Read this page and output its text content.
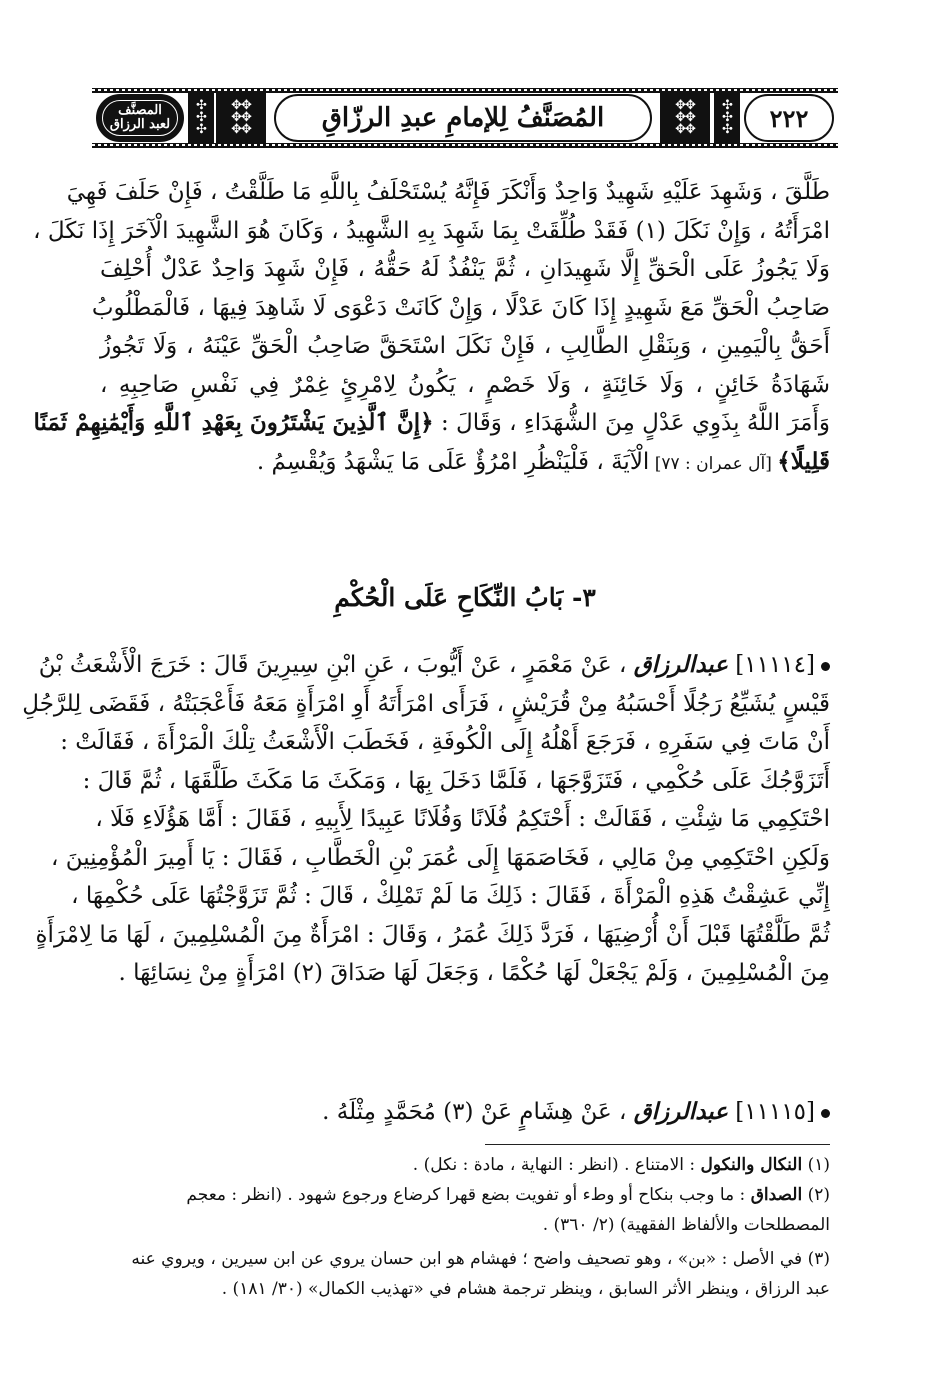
المصنَّف
لعبد الرزاق
✣
✣
✣
✥✥
✥✥
✥✥	المُصَنَّفُ لِلإمامِ عبدِ الرزّاقِ	✥✥
✥✥
✥✥
✣
✣
✣ ٢٢٢
طَلَّقَ ، وَشَهِدَ عَلَيْهِ شَهِيدٌ وَاحِدٌ وَأَنْكَرَ فَإِنَّهُ يُسْتَحْلَفُ بِاللَّهِ مَا طَلَّقْتُ ، فَإِنْ حَلَفَ فَهِيَ
امْرَأَتُهُ ، وَإِنْ نَكَلَ (١) فَقَدْ طُلِّقَتْ بِمَا شَهِدَ بِهِ الشَّهِيدُ ، وَكَانَ هُوَ الشَّهِيدَ الْآخَرَ إِذَا نَكَلَ ،
وَلَا يَجُوزُ عَلَى الْحَقِّ إِلَّا شَهِيدَانِ ، ثُمَّ يَنْفُذُ لَهُ حَقُّهُ ، فَإِنْ شَهِدَ وَاحِدٌ عَدْلٌ أُحْلِفَ
صَاحِبُ الْحَقِّ مَعَ شَهِيدٍ إِذَا كَانَ عَدْلًا ، وَإِنْ كَانَتْ دَعْوَى لَا شَاهِدَ فِيهَا ، فَالْمَطْلُوبُ
أَحَقُّ بِالْيَمِينِ ، وَبِنَقْلِ الطَّالِبِ ، فَإِنْ نَكَلَ اسْتَحَقَّ صَاحِبُ الْحَقِّ عَيْنَهُ ، وَلَا تَجُوزُ
شَهَادَةُ خَائِنٍ ، وَلَا خَائِنَةٍ ، وَلَا خَصْمٍ ، يَكُونُ لِامْرِئٍ غِمْرٌ فِي نَفْسِ صَاحِبِهِ ،
وَأَمَرَ اللَّهُ بِذَوِي عَدْلٍ مِنَ الشُّهَدَاءِ ، وَقَالَ : ﴿إِنَّ ٱلَّذِينَ يَشْتَرُونَ بِعَهْدِ ٱللَّهِ وَأَيْمَٰنِهِمْ ثَمَنًا
قَلِيلًا﴾ [آل عمران : ٧٧] الْآيَةَ ، فَلْيَنْظُرِ امْرُؤٌ عَلَى مَا يَشْهَدُ وَيُقْسِمُ .
٣- بَابُ النِّكَاحِ عَلَى الْحُكْمِ
[١١١١٤] عبدالرزاق ، عَنْ مَعْمَرٍ ، عَنْ أَيُّوبَ ، عَنِ ابْنِ سِيرِينَ قَالَ : خَرَجَ الْأَشْعَثُ بْنُ
قَيْسٍ يُشَيِّعُ رَجُلًا أَحْسَبُهُ مِنْ قُرَيْشٍ ، فَرَأَى امْرَأَتَهُ أَوِ امْرَأَةٍ مَعَهُ فَأَعْجَبَتْهُ ، فَقَضَى لِلرَّجُلِ
أَنْ مَاتَ فِي سَفَرِهِ ، فَرَجَعَ أَهْلُهُ إِلَى الْكُوفَةِ ، فَخَطَبَ الْأَشْعَثُ تِلْكَ الْمَرْأَةَ ، فَقَالَتْ :
أَتَزَوَّجُكَ عَلَى حُكْمِي ، فَتَزَوَّجَهَا ، فَلَمَّا دَخَلَ بِهَا ، وَمَكَثَ مَا مَكَثَ طَلَّقَهَا ، ثُمَّ قَالَ :
احْتَكِمِي مَا شِئْتِ ، فَقَالَتْ : أَحْتَكِمُ فُلَانًا وَفُلَانًا عَبِيدًا لِأَبِيهِ ، فَقَالَ : أَمَّا هَؤُلَاءِ فَلَا ،
وَلَكِنِ احْتَكِمِي مِنْ مَالِي ، فَخَاصَمَهَا إِلَى عُمَرَ بْنِ الْخَطَّابِ ، فَقَالَ : يَا أَمِيرَ الْمُؤْمِنِينَ ،
إِنِّي عَشِقْتُ هَذِهِ الْمَرْأَةَ ، فَقَالَ : ذَلِكَ مَا لَمْ تَمْلِكْ ، قَالَ : ثُمَّ تَزَوَّجْتُهَا عَلَى حُكْمِهَا ،
ثُمَّ طَلَّقْتُهَا قَبْلَ أَنْ أُرْضِيَهَا ، فَرَدَّ ذَلِكَ عُمَرُ ، وَقَالَ : امْرَأَةٌ مِنَ الْمُسْلِمِينَ ، لَهَا مَا لِامْرَأَةٍ
مِنَ الْمُسْلِمِينَ ، وَلَمْ يَجْعَلْ لَهَا حُكْمًا ، وَجَعَلَ لَهَا صَدَاقَ (٢) امْرَأَةٍ مِنْ نِسَائِهَا .
[١١١١٥] عبدالرزاق ، عَنْ هِشَامٍ عَنْ (٣) مُحَمَّدٍ مِثْلَهُ .
(١) النكال والنكول : الامتناع . (انظر : النهاية ، مادة : نكل) .
(٢) الصداق : ما وجب بنكاح أو وطء أو تفويت بضع قهرا كرضاع ورجوع شهود . (انظر : معجم
المصطلحات والألفاظ الفقهية) (٢/ ٣٦٠) .
(٣) في الأصل : «بن» ، وهو تصحيف واضح ؛ فهشام هو ابن حسان يروي عن ابن سيرين ، ويروي عنه
عبد الرزاق ، وينظر الأثر السابق ، وينظر ترجمة هشام في «تهذيب الكمال» (٣٠/ ١٨١) .
